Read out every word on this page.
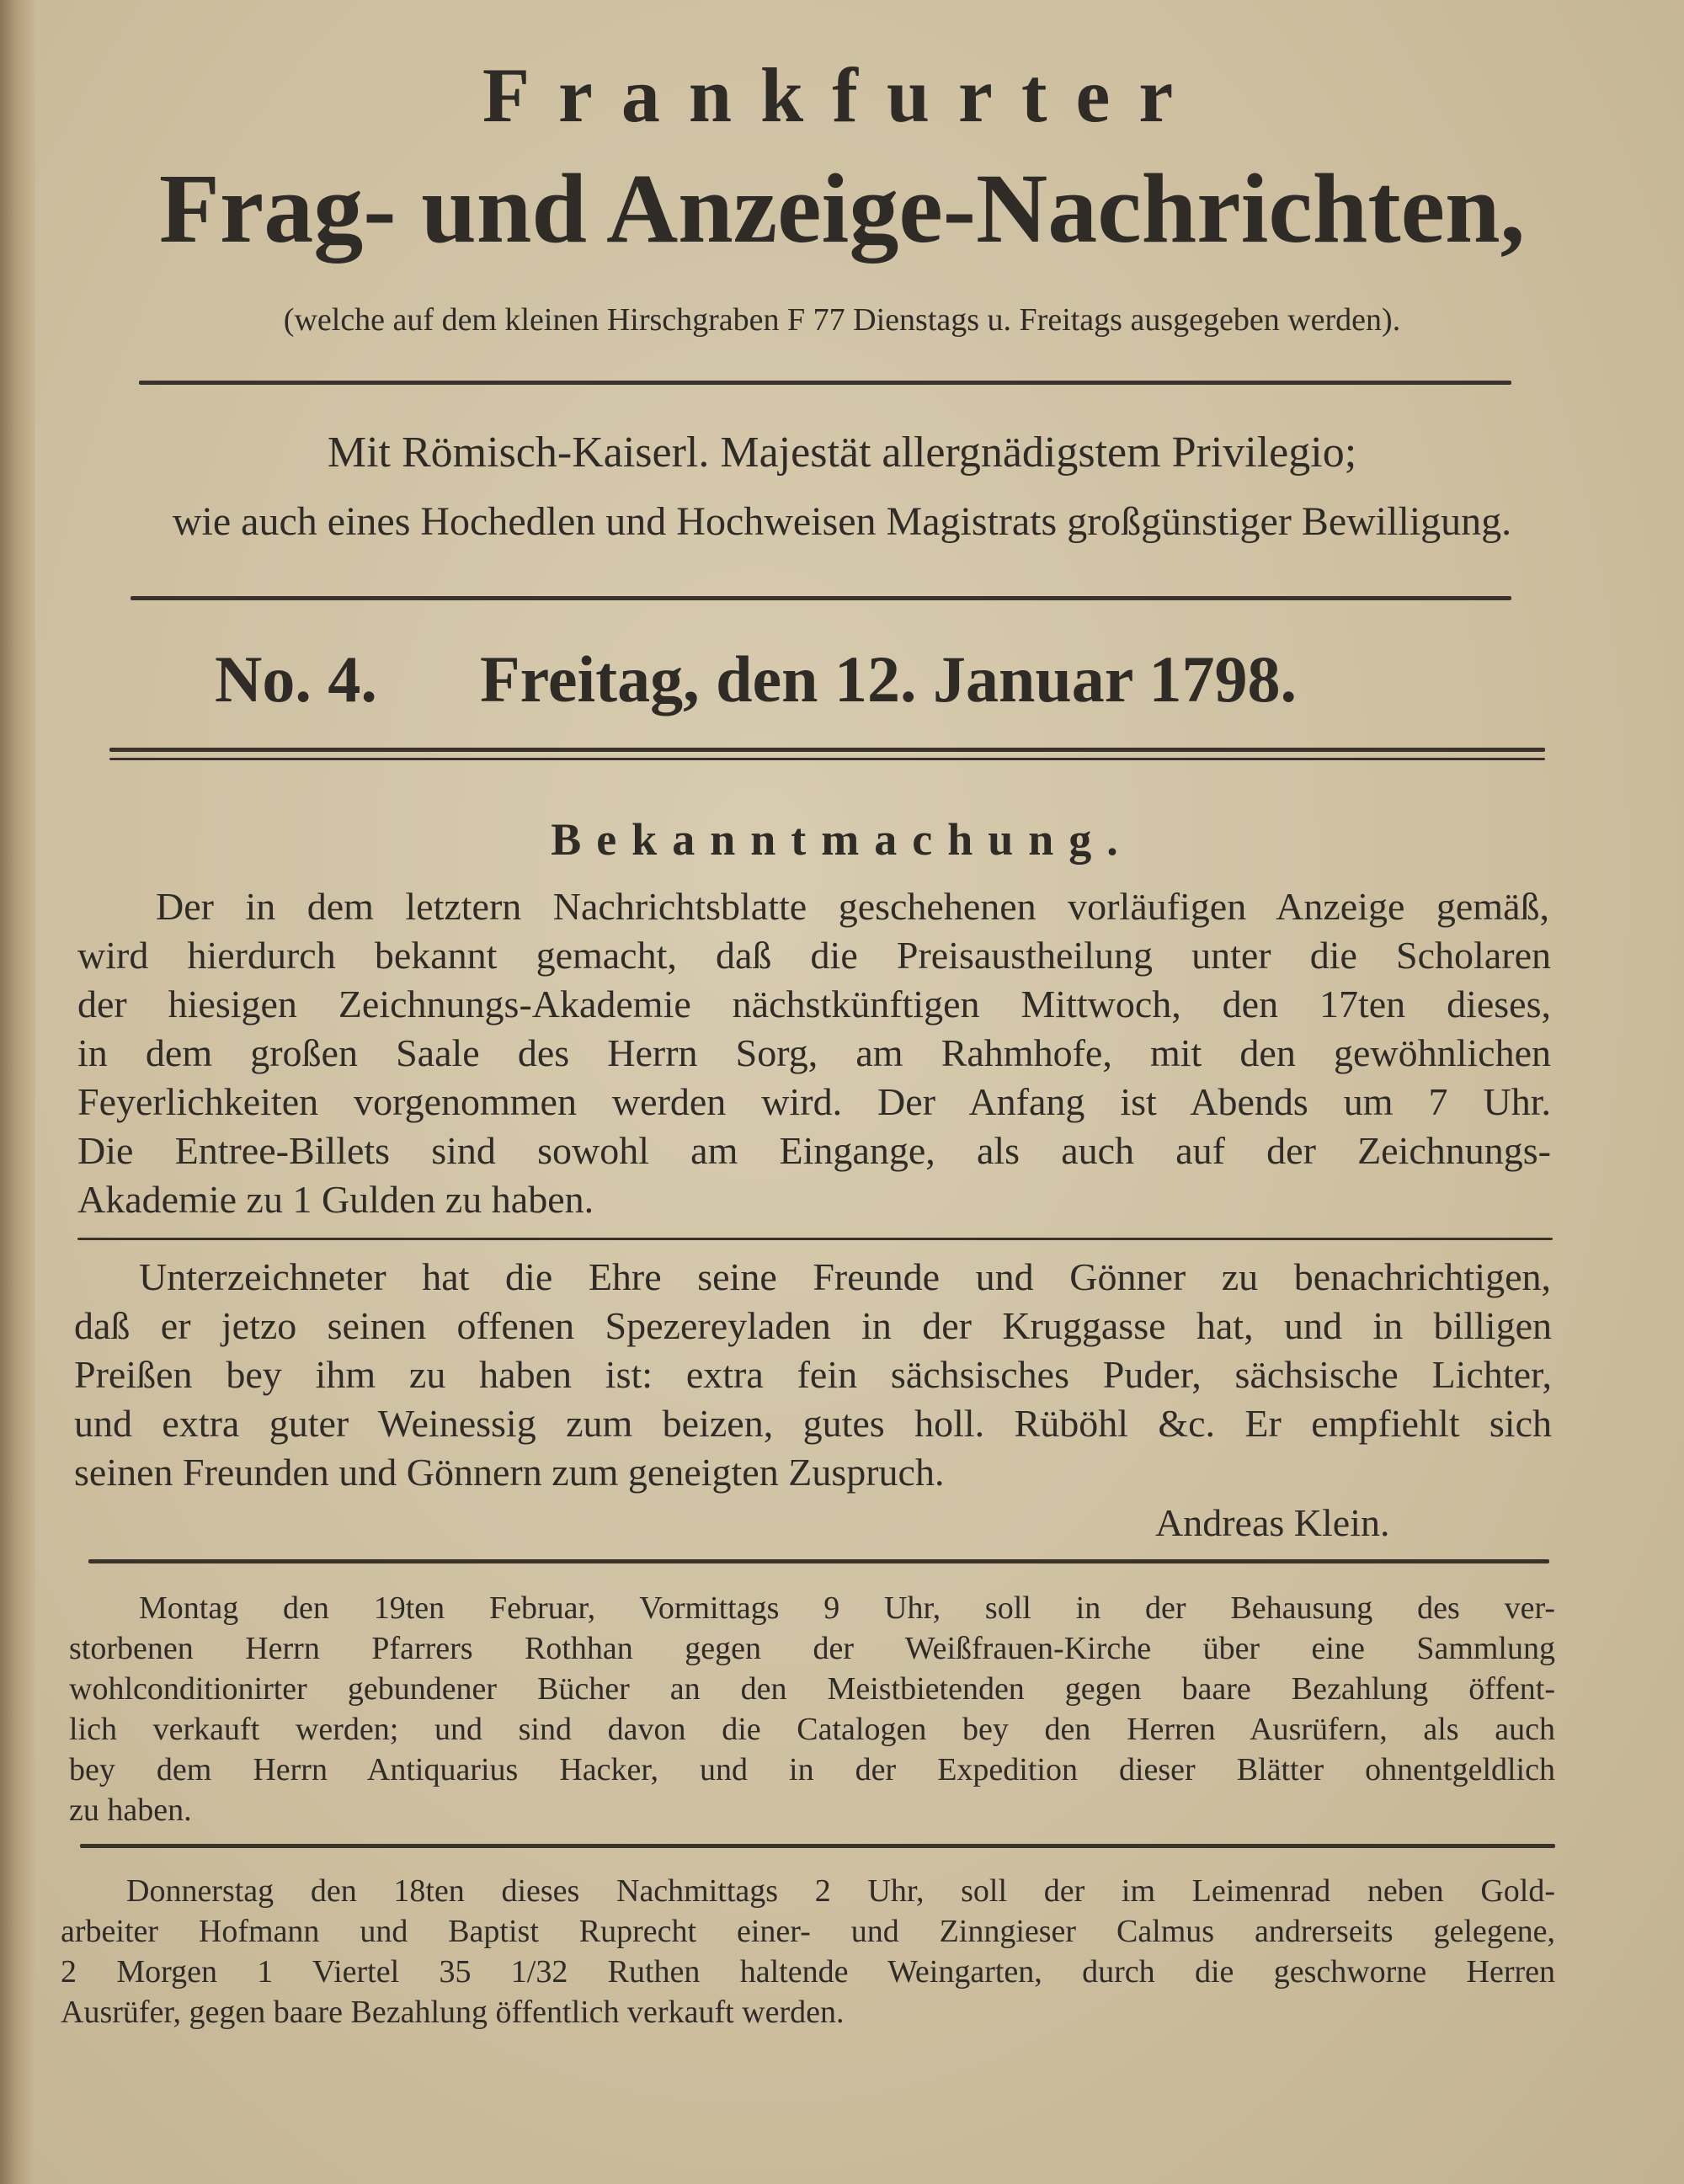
Frankfurter
Frag- und Anzeige-Nachrichten,
(welche auf dem kleinen Hirschgraben F 77 Dienstags u. Freitags ausgegeben werden).
Mit Römisch-Kaiserl. Majestät allergnädigstem Privilegio;
wie auch eines Hochedlen und Hochweisen Magistrats großgünstiger Bewilligung.
No. 4. Freitag, den 12. Januar 1798.
Bekanntmachung.
Der in dem letztern Nachrichtsblatte geschehenen vorläufigen Anzeige gemäß,
wird hierdurch bekannt gemacht, daß die Preisaustheilung unter die Scholaren
der hiesigen Zeichnungs-Akademie nächstkünftigen Mittwoch, den 17ten dieses,
in dem großen Saale des Herrn Sorg, am Rahmhofe, mit den gewöhnlichen
Feyerlichkeiten vorgenommen werden wird. Der Anfang ist Abends um 7 Uhr.
Die Entree-Billets sind sowohl am Eingange, als auch auf der Zeichnungs-
Akademie zu 1 Gulden zu haben.
Unterzeichneter hat die Ehre seine Freunde und Gönner zu benachrichtigen,
daß er jetzo seinen offenen Spezereyladen in der Kruggasse hat, und in billigen
Preißen bey ihm zu haben ist: extra fein sächsisches Puder, sächsische Lichter,
und extra guter Weinessig zum beizen, gutes holl. Rüböhl &c. Er empfiehlt sich
seinen Freunden und Gönnern zum geneigten Zuspruch.
Andreas Klein.
Montag den 19ten Februar, Vormittags 9 Uhr, soll in der Behausung des ver-
storbenen Herrn Pfarrers Rothhan gegen der Weißfrauen-Kirche über eine Sammlung
wohlconditionirter gebundener Bücher an den Meistbietenden gegen baare Bezahlung öffent-
lich verkauft werden; und sind davon die Catalogen bey den Herren Ausrüfern, als auch
bey dem Herrn Antiquarius Hacker, und in der Expedition dieser Blätter ohnentgeldlich
zu haben.
Donnerstag den 18ten dieses Nachmittags 2 Uhr, soll der im Leimenrad neben Gold-
arbeiter Hofmann und Baptist Ruprecht einer- und Zinngieser Calmus andrerseits gelegene,
2 Morgen 1 Viertel 35 1/32 Ruthen haltende Weingarten, durch die geschworne Herren
Ausrüfer, gegen baare Bezahlung öffentlich verkauft werden.
